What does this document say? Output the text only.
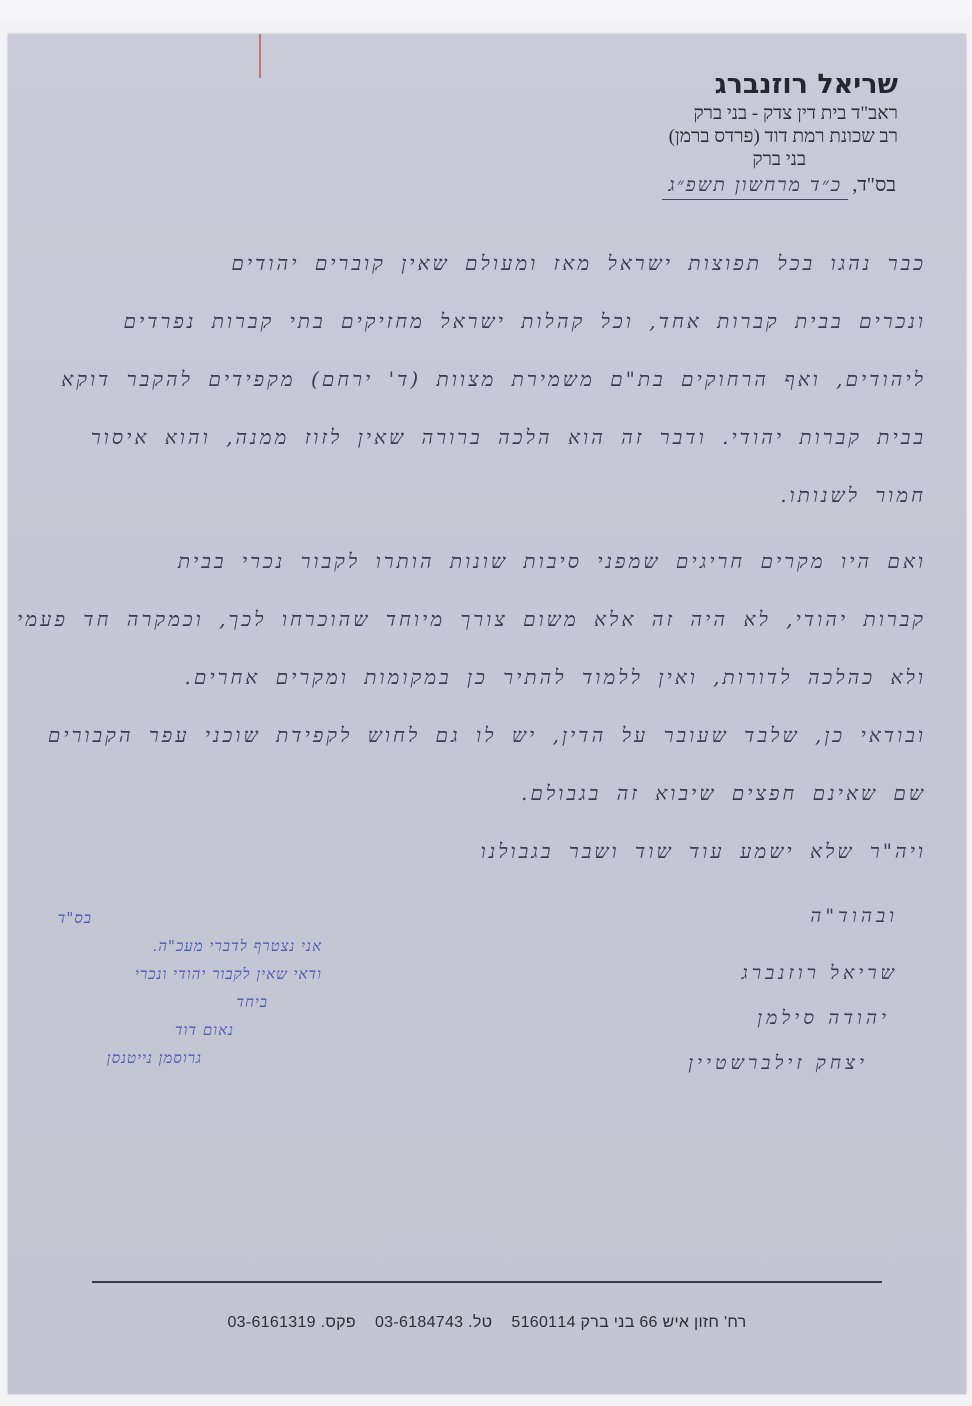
שריאל רוזנברג
ראב"ד בית דין צדק - בני ברק
רב שכונת רמת דוד (פרדס ברמן)
בני ברק
בס"ד,
כ״ד מרחשון תשפ״ג
כבר נהגו בכל תפוצות ישראל מאז ומעולם שאין קוברים יהודים
ונכרים בבית קברות אחד, וכל קהלות ישראל מחזיקים בתי קברות נפרדים
ליהודים, ואף הרחוקים בת"ם משמירת מצוות (ד' ירחם) מקפידים להקבר דוקא
בבית קברות יהודי. ודבר זה הוא הלכה ברורה שאין לזוז ממנה, והוא איסור
חמור לשנותו.
ואם היו מקרים חריגים שמפני סיבות שונות הותרו לקבור נכרי בבית
קברות יהודי, לא היה זה אלא משום צורך מיוחד שהוכרחו לכך, וכמקרה חד פעמי
ולא כהלכה לדורות, ואין ללמוד להתיר כן במקומות ומקרים אחרים.
ובודאי כן, שלבד שעובר על הדין, יש לו גם לחוש לקפידת שוכני עפר הקבורים
שם שאינם חפצים שיבוא זה בגבולם.
ויה"ר שלא ישמע עוד שוד ושבר בגבולנו
ובהוד"ה
שריאל רוזנברג
יהודה סילמן
יצחק זילברשטיין
בס"ד
אני נצטרף לדברי מעכ"ה.
ודאי שאין לקבור יהודי ונכרי
ביחד
נאום דוד
גרוסמן נייטנסן
רח' חזון איש 66 בני ברק 5160114    טל. 03-6184743    פקס. 03-6161319
